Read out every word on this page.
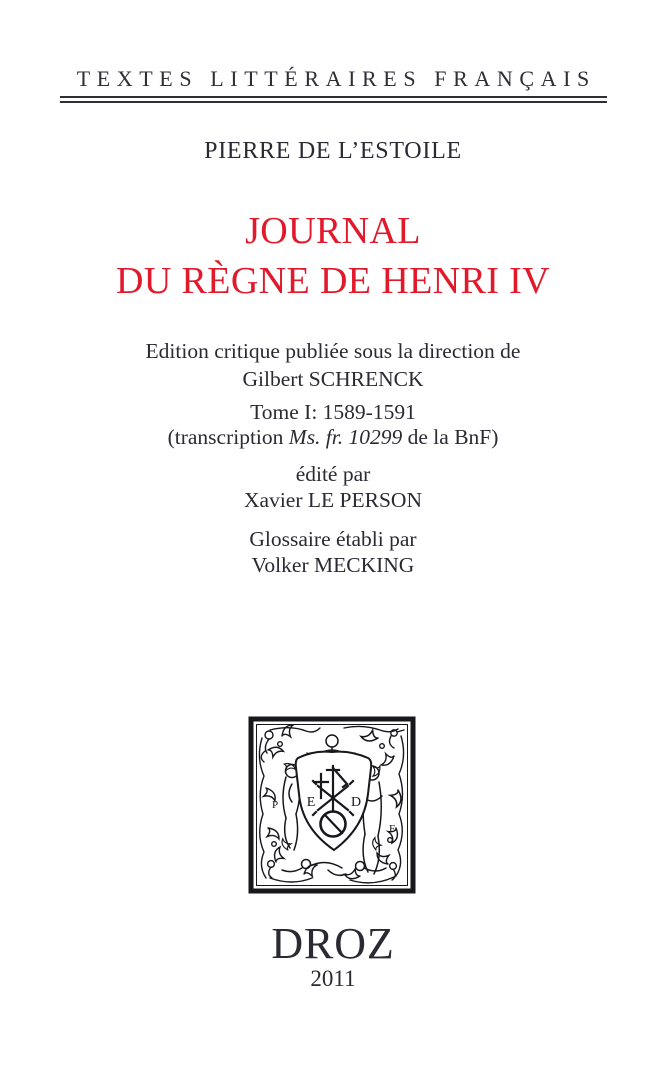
TEXTES LITTÉRAIRES FRANÇAIS
PIERRE DE L’ESTOILE
JOURNAL
DU RÈGNE DE HENRI IV
Edition critique publiée sous la direction de
Gilbert SCHRENCK
Tome I: 1589-1591
(transcription Ms. fr. 10299 de la BnF)
édité par
Xavier LE PERSON
Glossaire établi par
Volker MECKING
E	D
P
F
DROZ
2011
